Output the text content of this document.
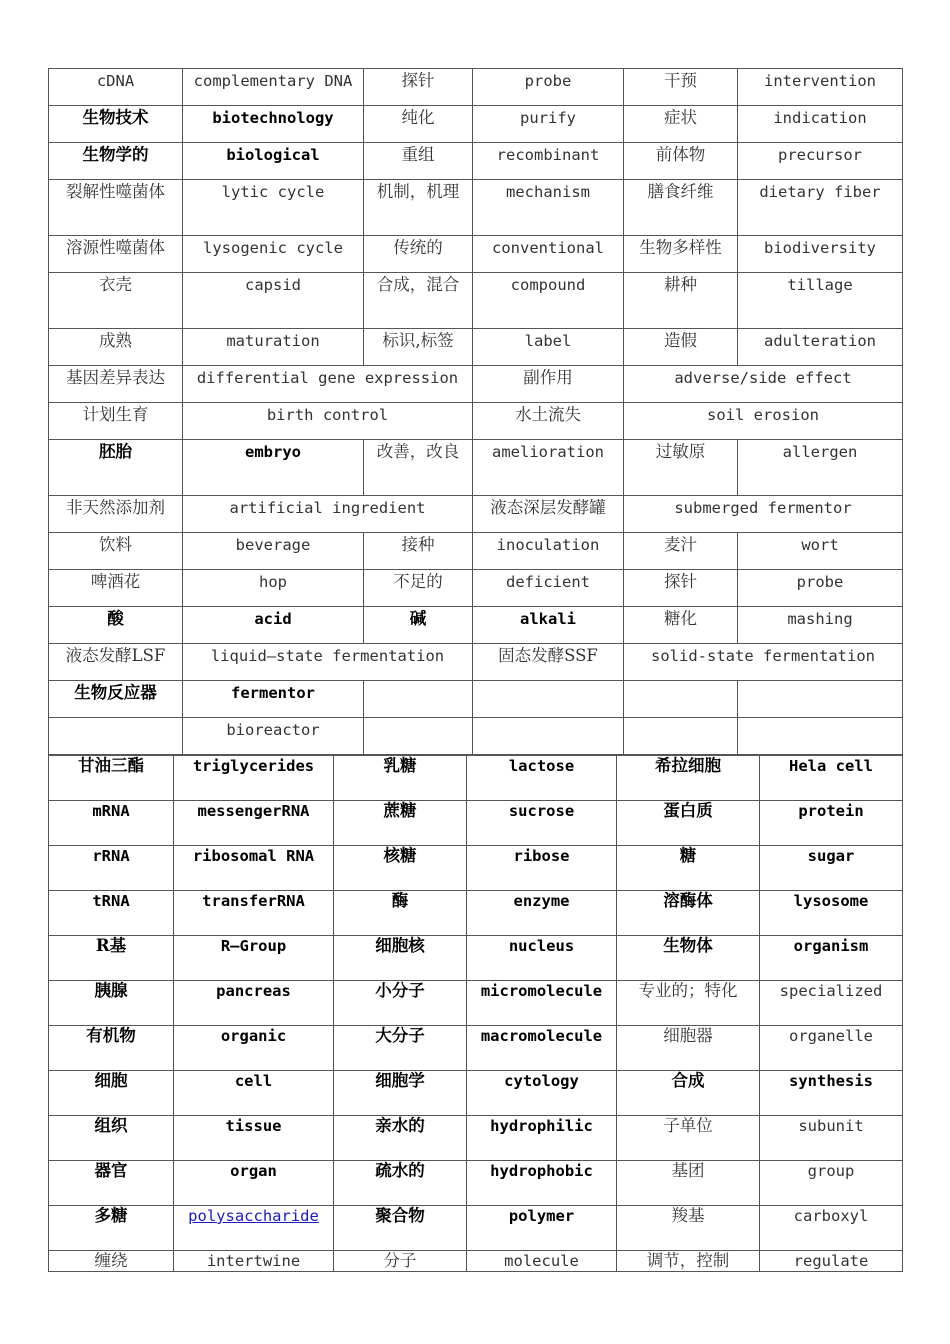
cDNA	complementary DNA	探针	probe	干预	intervention
生物技术	biotechnology	纯化	purify	症状	indication
生物学的	biological	重组	recombinant	前体物	precursor
裂解性噬菌体	lytic cycle	机制，机理	mechanism	膳食纤维	dietary fiber
溶源性噬菌体	lysogenic cycle	传统的	conventional	生物多样性	biodiversity
衣壳	capsid	合成，混合	compound	耕种	tillage
成熟	maturation	标识,标签	label	造假	adulteration
基因差异表达	differential gene expression		副作用	adverse/side effect	
计划生育	birth control		水土流失	soil erosion	
胚胎	embryo	改善，改良	amelioration	过敏原	allergen
非天然添加剂	artificial ingredient		液态深层发酵罐	submerged fermentor	
饮料	beverage	接种	inoculation	麦汁	wort
啤酒花	hop	不足的	deficient	探针	probe
酸	acid	碱	alkali	糖化	mashing
液态发酵LSF	liquid—state fermentation		固态发酵SSF	solid-state fermentation	
生物反应器	fermentor				
	bioreactor				
甘油三酯	triglycerides	乳糖	lactose	希拉细胞	Hela cell
mRNA	messengerRNA	蔗糖	sucrose	蛋白质	protein
rRNA	ribosomal RNA	核糖	ribose	糖	sugar
tRNA	transferRNA	酶	enzyme	溶酶体	lysosome
R基	R—Group	细胞核	nucleus	生物体	organism
胰腺	pancreas	小分子	micromolecule	专业的；特化	specialized
有机物	organic	大分子	macromolecule	细胞器	organelle
细胞	cell	细胞学	cytology	合成	synthesis
组织	tissue	亲水的	hydrophilic	子单位	subunit
器官	organ	疏水的	hydrophobic	基团	group
多糖	polysaccharide	聚合物	polymer	羧基	carboxyl
缠绕	intertwine	分子	molecule	调节，控制	regulate
